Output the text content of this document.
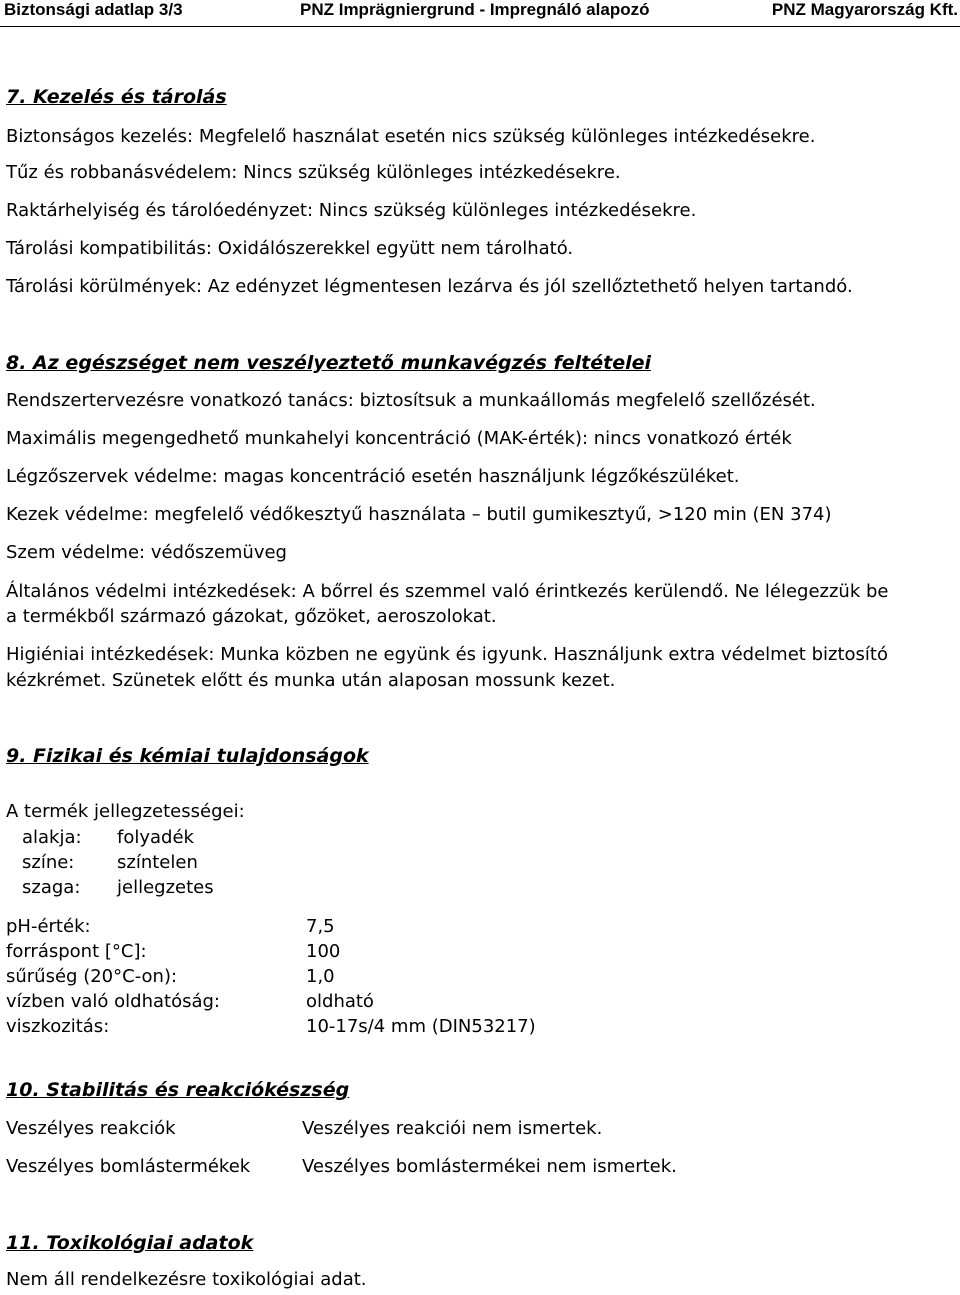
Biztonsági adatlap 3/3	PNZ Imprägniergrund - Impregnáló alapozó	PNZ Magyarország Kft.
7. Kezelés és tárolás
Biztonságos kezelés: Megfelelő használat esetén nics szükség különleges intézkedésekre.
Tűz és robbanásvédelem: Nincs szükség különleges intézkedésekre.
Raktárhelyiség és tárolóedényzet: Nincs szükség különleges intézkedésekre.
Tárolási kompatibilitás: Oxidálószerekkel együtt nem tárolható.
Tárolási körülmények: Az edényzet légmentesen lezárva és jól szellőztethető helyen tartandó.
8. Az egészséget nem veszélyeztető munkavégzés feltételei
Rendszertervezésre vonatkozó tanács: biztosítsuk a munkaállomás megfelelő szellőzését.
Maximális megengedhető munkahelyi koncentráció (MAK-érték): nincs vonatkozó érték
Légzőszervek védelme: magas koncentráció esetén használjunk légzőkészüléket.
Kezek védelme: megfelelő védőkesztyű használata – butil gumikesztyű, >120 min (EN 374)
Szem védelme: védőszemüveg
Általános védelmi intézkedések: A bőrrel és szemmel való érintkezés kerülendő. Ne lélegezzük be
a termékből származó gázokat, gőzöket, aeroszolokat.
Higiéniai intézkedések: Munka közben ne együnk és igyunk. Használjunk extra védelmet biztosító
kézkrémet. Szünetek előtt és munka után alaposan mossunk kezet.
9. Fizikai és kémiai tulajdonságok
A termék jellegzetességei:
alakja: folyadék
színe: színtelen
szaga: jellegzetes
pH-érték:	7,5
forráspont [°C]:	100
sűrűség (20°C-on):	1,0
vízben való oldhatóság:	oldható
viszkozitás:	10-17s/4 mm (DIN53217)
10. Stabilitás és reakciókészség
Veszélyes reakciók	Veszélyes reakciói nem ismertek.
Veszélyes bomlástermékek	Veszélyes bomlástermékei nem ismertek.
11. Toxikológiai adatok
Nem áll rendelkezésre toxikológiai adat.
